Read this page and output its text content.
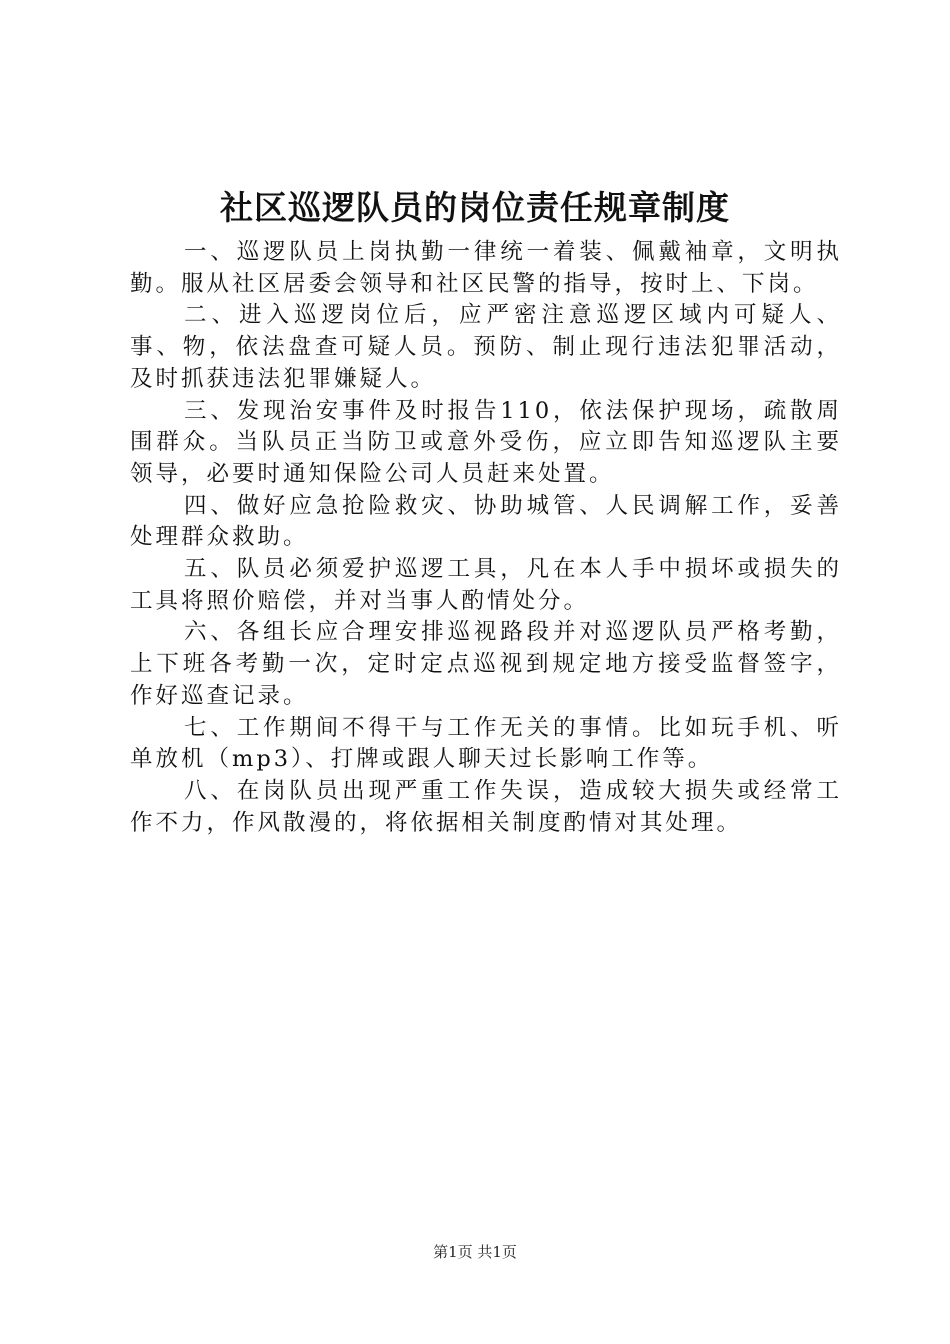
社区巡逻队员的岗位责任规章制度

一、巡逻队员上岗执勤一律统一着装、佩戴袖章，文明执勤。服从社区居委会领导和社区民警的指导，按时上、下岗。

二、进入巡逻岗位后，应严密注意巡逻区域内可疑人、事、物，依法盘查可疑人员。预防、制止现行违法犯罪活动，及时抓获违法犯罪嫌疑人。

三、发现治安事件及时报告110，依法保护现场，疏散周围群众。当队员正当防卫或意外受伤，应立即告知巡逻队主要领导，必要时通知保险公司人员赶来处置。

四、做好应急抢险救灾、协助城管、人民调解工作，妥善处理群众救助。

五、队员必须爱护巡逻工具，凡在本人手中损坏或损失的工具将照价赔偿，并对当事人酌情处分。

六、各组长应合理安排巡视路段并对巡逻队员严格考勤，上下班各考勤一次，定时定点巡视到规定地方接受监督签字，作好巡查记录。

七、工作期间不得干与工作无关的事情。比如玩手机、听单放机（mp3）、打牌或跟人聊天过长影响工作等。

八、在岗队员出现严重工作失误，造成较大损失或经常工作不力，作风散漫的，将依据相关制度酌情对其处理。

第1页 共1页
